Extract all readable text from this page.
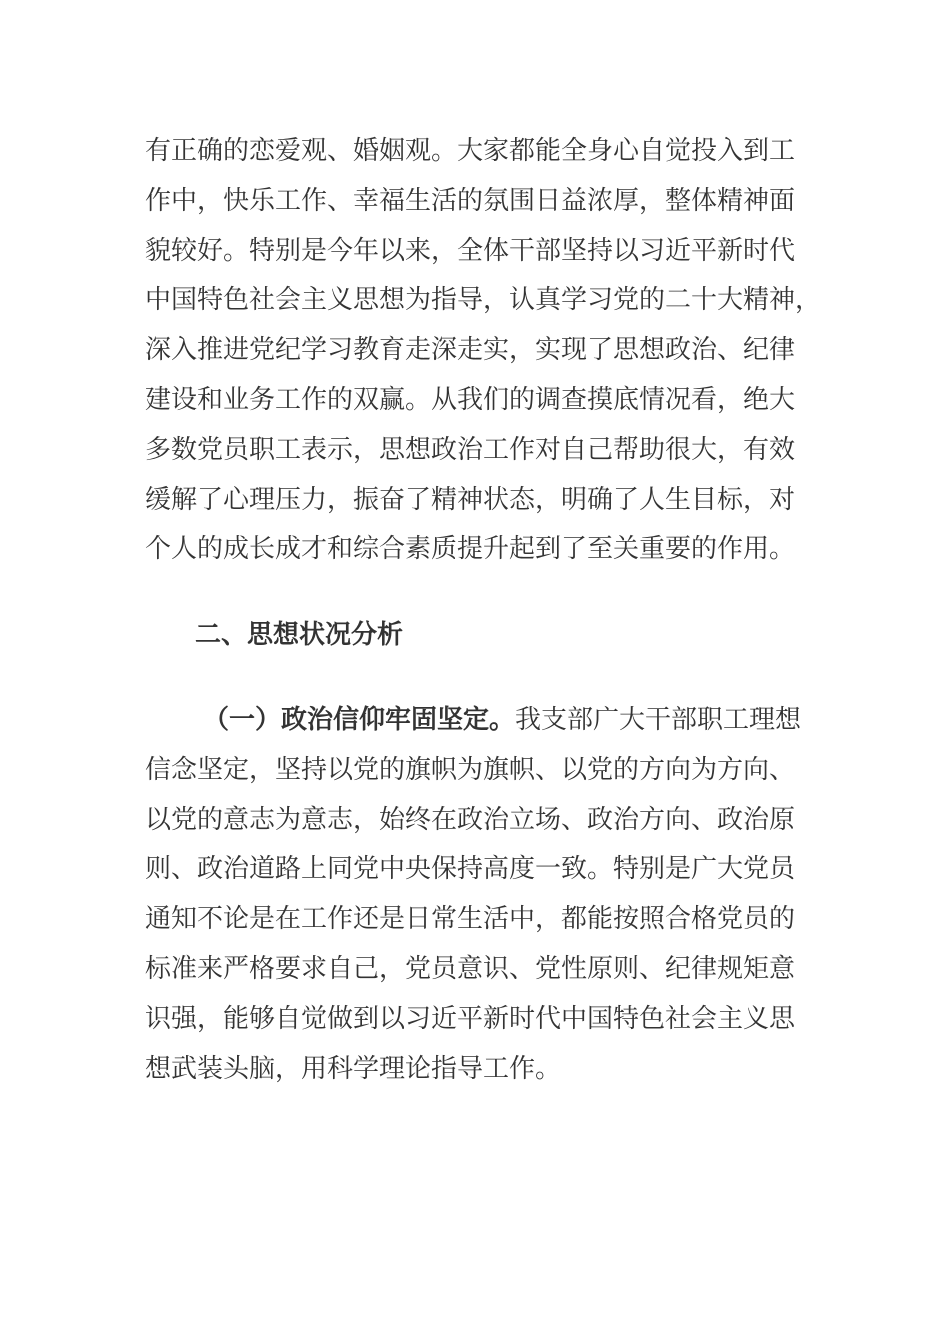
有正确的恋爱观、婚姻观。大家都能全身心自觉投入到工
作中，快乐工作、幸福生活的氛围日益浓厚，整体精神面
貌较好。特别是今年以来，全体干部坚持以习近平新时代
中国特色社会主义思想为指导，认真学习党的二十大精神，
深入推进党纪学习教育走深走实，实现了思想政治、纪律
建设和业务工作的双赢。从我们的调查摸底情况看，绝大
多数党员职工表示，思想政治工作对自己帮助很大，有效
缓解了心理压力，振奋了精神状态，明确了人生目标，对
个人的成长成才和综合素质提升起到了至关重要的作用。

二、思想状况分析

（一）政治信仰牢固坚定。我支部广大干部职工理想
信念坚定，坚持以党的旗帜为旗帜、以党的方向为方向、
以党的意志为意志，始终在政治立场、政治方向、政治原
则、政治道路上同党中央保持高度一致。特别是广大党员
通知不论是在工作还是日常生活中，都能按照合格党员的
标准来严格要求自己，党员意识、党性原则、纪律规矩意
识强，能够自觉做到以习近平新时代中国特色社会主义思
想武装头脑，用科学理论指导工作。
